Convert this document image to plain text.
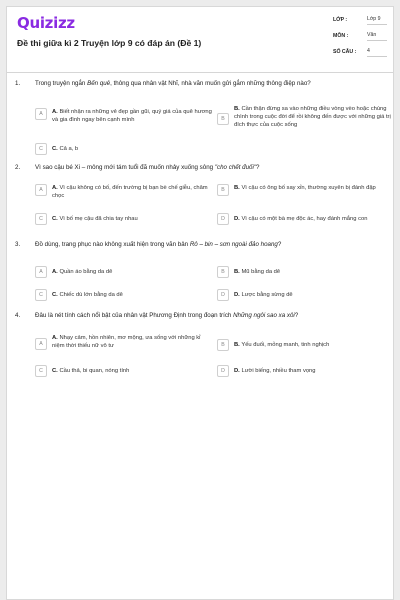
Quizizz
Đề thi giữa kì 2 Truyện lớp 9 có đáp án (Đề 1)
LỚP :	Lớp 9
MÔN :	Văn
SỐ CÂU : 4
1. Trong truyện ngắn Bến quê, thông qua nhân vật Nhĩ, nhà văn muốn gửi gắm những thông điệp nào?
A	A. Biết nhận ra những vẻ đẹp gần gũi, quý giá của quê hương và gia đình ngay bên cạnh mình	B
B. Cần thận đừng sa vào những điều vòng vèo hoặc chùng chình trong cuộc đời để rồi không đến được với những giá trị đích thực của cuộc sống
C	C. Cả a, b
2. Vì sao cậu bé Xi – mông mới tám tuổi đã muốn nhảy xuống sông "cho chết đuối"?
A	A. Vì cậu không có bố, đến trường bị bạn bè chế giễu, châm chọc
B	B. Vì cậu có ông bố say xỉn, thường xuyên bị đánh đập
C	C. Vì bố mẹ cậu đã chia tay nhau	D	D. Vì cậu có một bà mẹ độc ác, hay đánh mắng con
3. Đồ dùng, trang phục nào không xuất hiện trong văn bản Rô – bin – sơn ngoài đảo hoang?
A	A. Quần áo bằng da dê	B	B. Mũ bằng da dê
C	C. Chiếc dù lớn bằng da dê	D	D. Lược bằng sừng dê
4. Đâu là nét tính cách nổi bật của nhân vật Phương Định trong đoạn trích Những ngôi sao xa xôi?
A
A. Nhạy cảm, hồn nhiên, mơ mộng, ưa sống với những kỉ niệm thời thiếu nữ vô tư	B	B. Yếu đuối, mỏng manh, tinh nghịch
C	C. Cầu thả, bi quan, nóng tính	D	D. Lười biếng, nhiều tham vọng
